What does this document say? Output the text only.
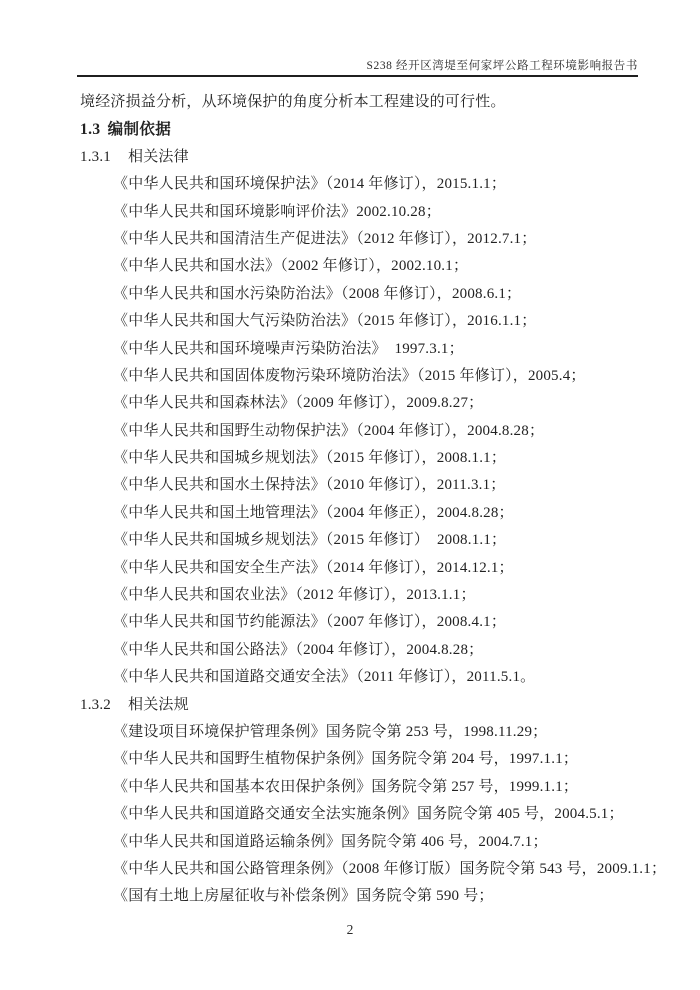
S238 经开区湾堤至何家坪公路工程环境影响报告书

境经济损益分析，从环境保护的角度分析本工程建设的可行性。

1.3 编制依据

1.3.1 相关法律

《中华人民共和国环境保护法》（2014 年修订），2015.1.1；

《中华人民共和国环境影响评价法》2002.10.28；

《中华人民共和国清洁生产促进法》（2012 年修订），2012.7.1；

《中华人民共和国水法》（2002 年修订），2002.10.1；

《中华人民共和国水污染防治法》（2008 年修订），2008.6.1；

《中华人民共和国大气污染防治法》（2015 年修订），2016.1.1；

《中华人民共和国环境噪声污染防治法》  1997.3.1；

《中华人民共和国固体废物污染环境防治法》（2015 年修订），2005.4；

《中华人民共和国森林法》（2009 年修订），2009.8.27；

《中华人民共和国野生动物保护法》（2004 年修订），2004.8.28；

《中华人民共和国城乡规划法》（2015 年修订），2008.1.1；

《中华人民共和国水土保持法》（2010 年修订），2011.3.1；

《中华人民共和国土地管理法》（2004 年修正），2004.8.28；

《中华人民共和国城乡规划法》（2015 年修订）  2008.1.1；

《中华人民共和国安全生产法》（2014 年修订），2014.12.1；

《中华人民共和国农业法》（2012 年修订），2013.1.1；

《中华人民共和国节约能源法》（2007 年修订），2008.4.1；

《中华人民共和国公路法》（2004 年修订），2004.8.28；

《中华人民共和国道路交通安全法》（2011 年修订），2011.5.1。

1.3.2 相关法规

《建设项目环境保护管理条例》国务院令第 253 号，1998.11.29；

《中华人民共和国野生植物保护条例》国务院令第 204 号，1997.1.1；

《中华人民共和国基本农田保护条例》国务院令第 257 号，1999.1.1；

《中华人民共和国道路交通安全法实施条例》国务院令第 405 号，2004.5.1；

《中华人民共和国道路运输条例》国务院令第 406 号，2004.7.1；

《中华人民共和国公路管理条例》（2008 年修订版）国务院令第 543 号，2009.1.1；

《国有土地上房屋征收与补偿条例》国务院令第 590 号；

2
